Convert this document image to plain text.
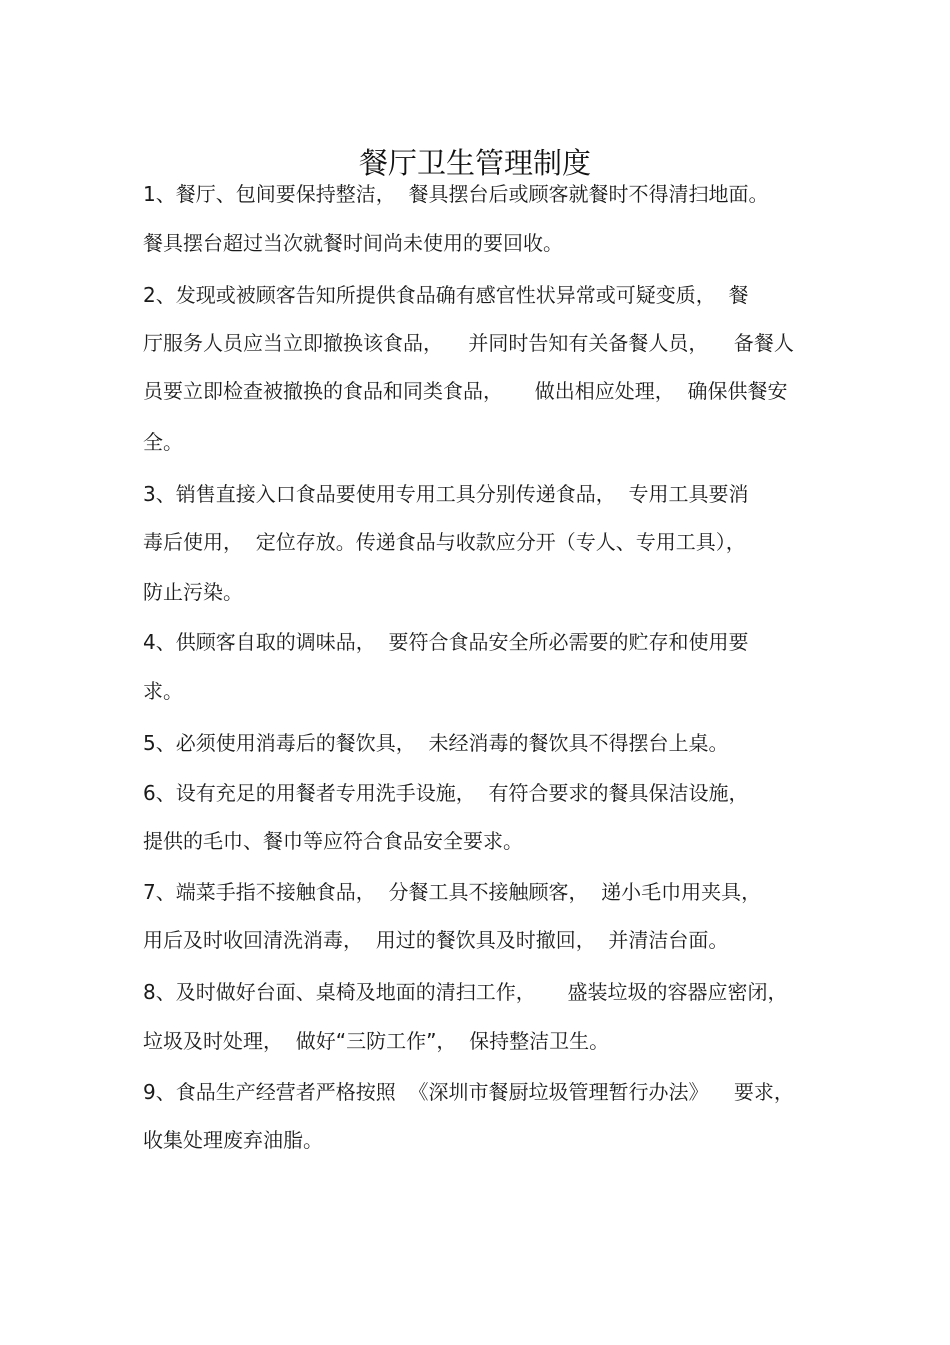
餐厅卫生管理制度
1、餐厅、包间要保持整洁，  餐具摆台后或顾客就餐时不得清扫地面。
餐具摆台超过当次就餐时间尚未使用的要回收。
2、发现或被顾客告知所提供食品确有感官性状异常或可疑变质，  餐
厅服务人员应当立即撤换该食品，    并同时告知有关备餐人员，    备餐人
员要立即检查被撤换的食品和同类食品，     做出相应处理，  确保供餐安
全。
3、销售直接入口食品要使用专用工具分别传递食品，  专用工具要消
毒后使用，  定位存放。传递食品与收款应分开（专人、专用工具），
防止污染。
4、供顾客自取的调味品，  要符合食品安全所必需要的贮存和使用要
求。
5、必须使用消毒后的餐饮具，  未经消毒的餐饮具不得摆台上桌。
6、设有充足的用餐者专用洗手设施，  有符合要求的餐具保洁设施，
提供的毛巾、餐巾等应符合食品安全要求。
7、端菜手指不接触食品，  分餐工具不接触顾客，  递小毛巾用夹具，
用后及时收回清洗消毒，  用过的餐饮具及时撤回，  并清洁台面。
8、及时做好台面、桌椅及地面的清扫工作，     盛装垃圾的容器应密闭，
垃圾及时处理，  做好“三防工作”，  保持整洁卫生。
9、食品生产经营者严格按照  《深圳市餐厨垃圾管理暂行办法》    要求，
收集处理废弃油脂。
